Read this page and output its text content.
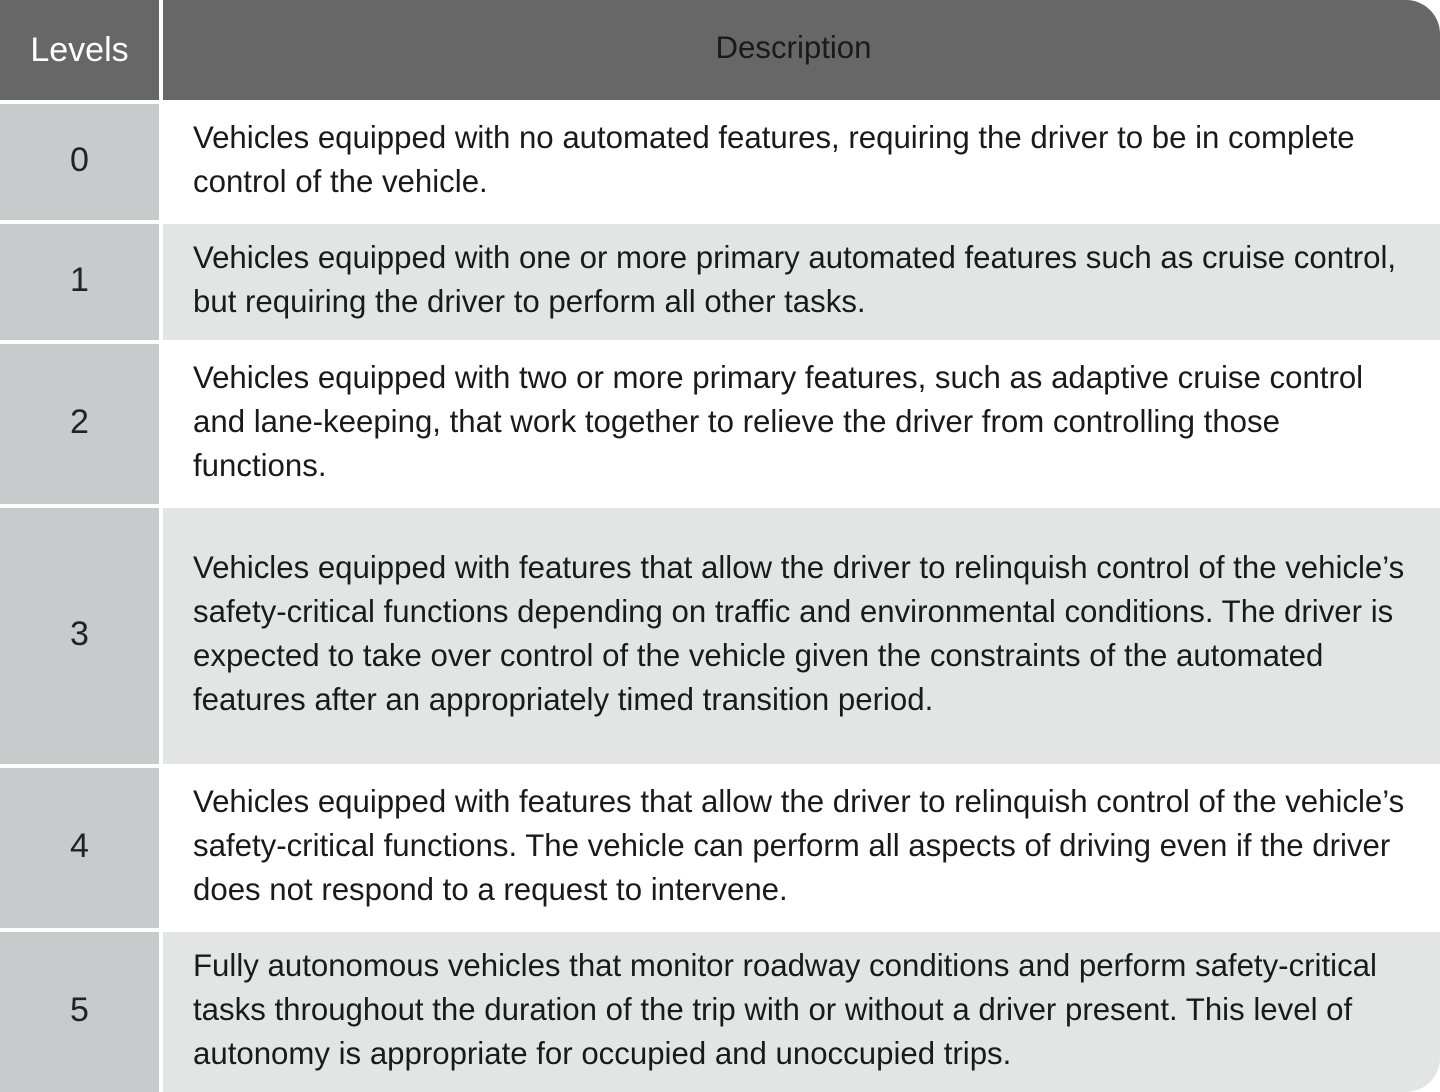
Levels	Description
0
Vehicles equipped with no automated features, requiring the driver to be in complete control of the vehicle.
1
Vehicles equipped with one or more primary automated features such as cruise control, but requiring the driver to perform all other tasks.
2
Vehicles equipped with two or more primary features, such as adaptive cruise control and lane-keeping, that work together to relieve the driver from controlling those functions.
3
Vehicles equipped with features that allow the driver to relinquish control of the vehicle’s safety-critical functions depending on traffic and environmental conditions. The driver is expected to take over control of the vehicle given the constraints of the automated features after an appropriately timed transition period.
4
Vehicles equipped with features that allow the driver to relinquish control of the vehicle’s safety-critical functions. The vehicle can perform all aspects of driving even if the driver does not respond to a request to intervene.
5
Fully autonomous vehicles that monitor roadway conditions and perform safety-critical tasks throughout the duration of the trip with or without a driver present. This level of autonomy is appropriate for occupied and unoccupied trips.
